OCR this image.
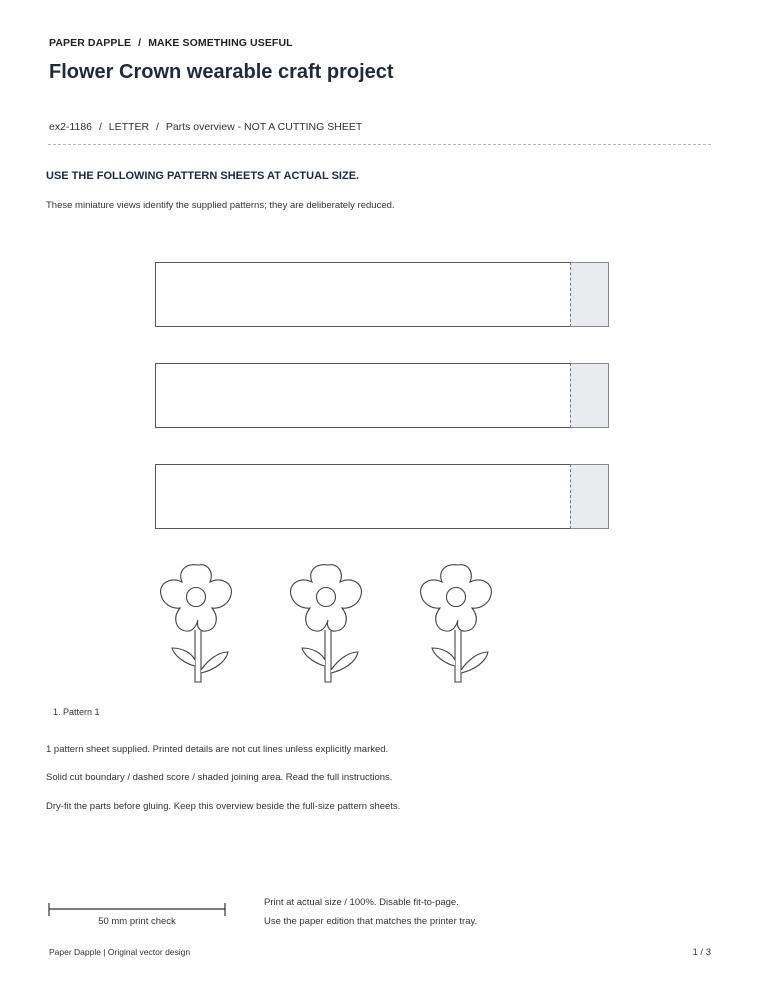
PAPER DAPPLE / MAKE SOMETHING USEFUL
Flower Crown wearable craft project
ex2-1186 / LETTER / Parts overview - NOT A CUTTING SHEET
USE THE FOLLOWING PATTERN SHEETS AT ACTUAL SIZE.
These miniature views identify the supplied patterns; they are deliberately reduced.
1. Pattern 1
1 pattern sheet supplied. Printed details are not cut lines unless explicitly marked.
Solid cut boundary / dashed score / shaded joining area. Read the full instructions.
Dry-fit the parts before gluing. Keep this overview beside the full-size pattern sheets.
50 mm print check
Print at actual size / 100%. Disable fit-to-page.
Use the paper edition that matches the printer tray.
Paper Dapple | Original vector design	1 / 3
